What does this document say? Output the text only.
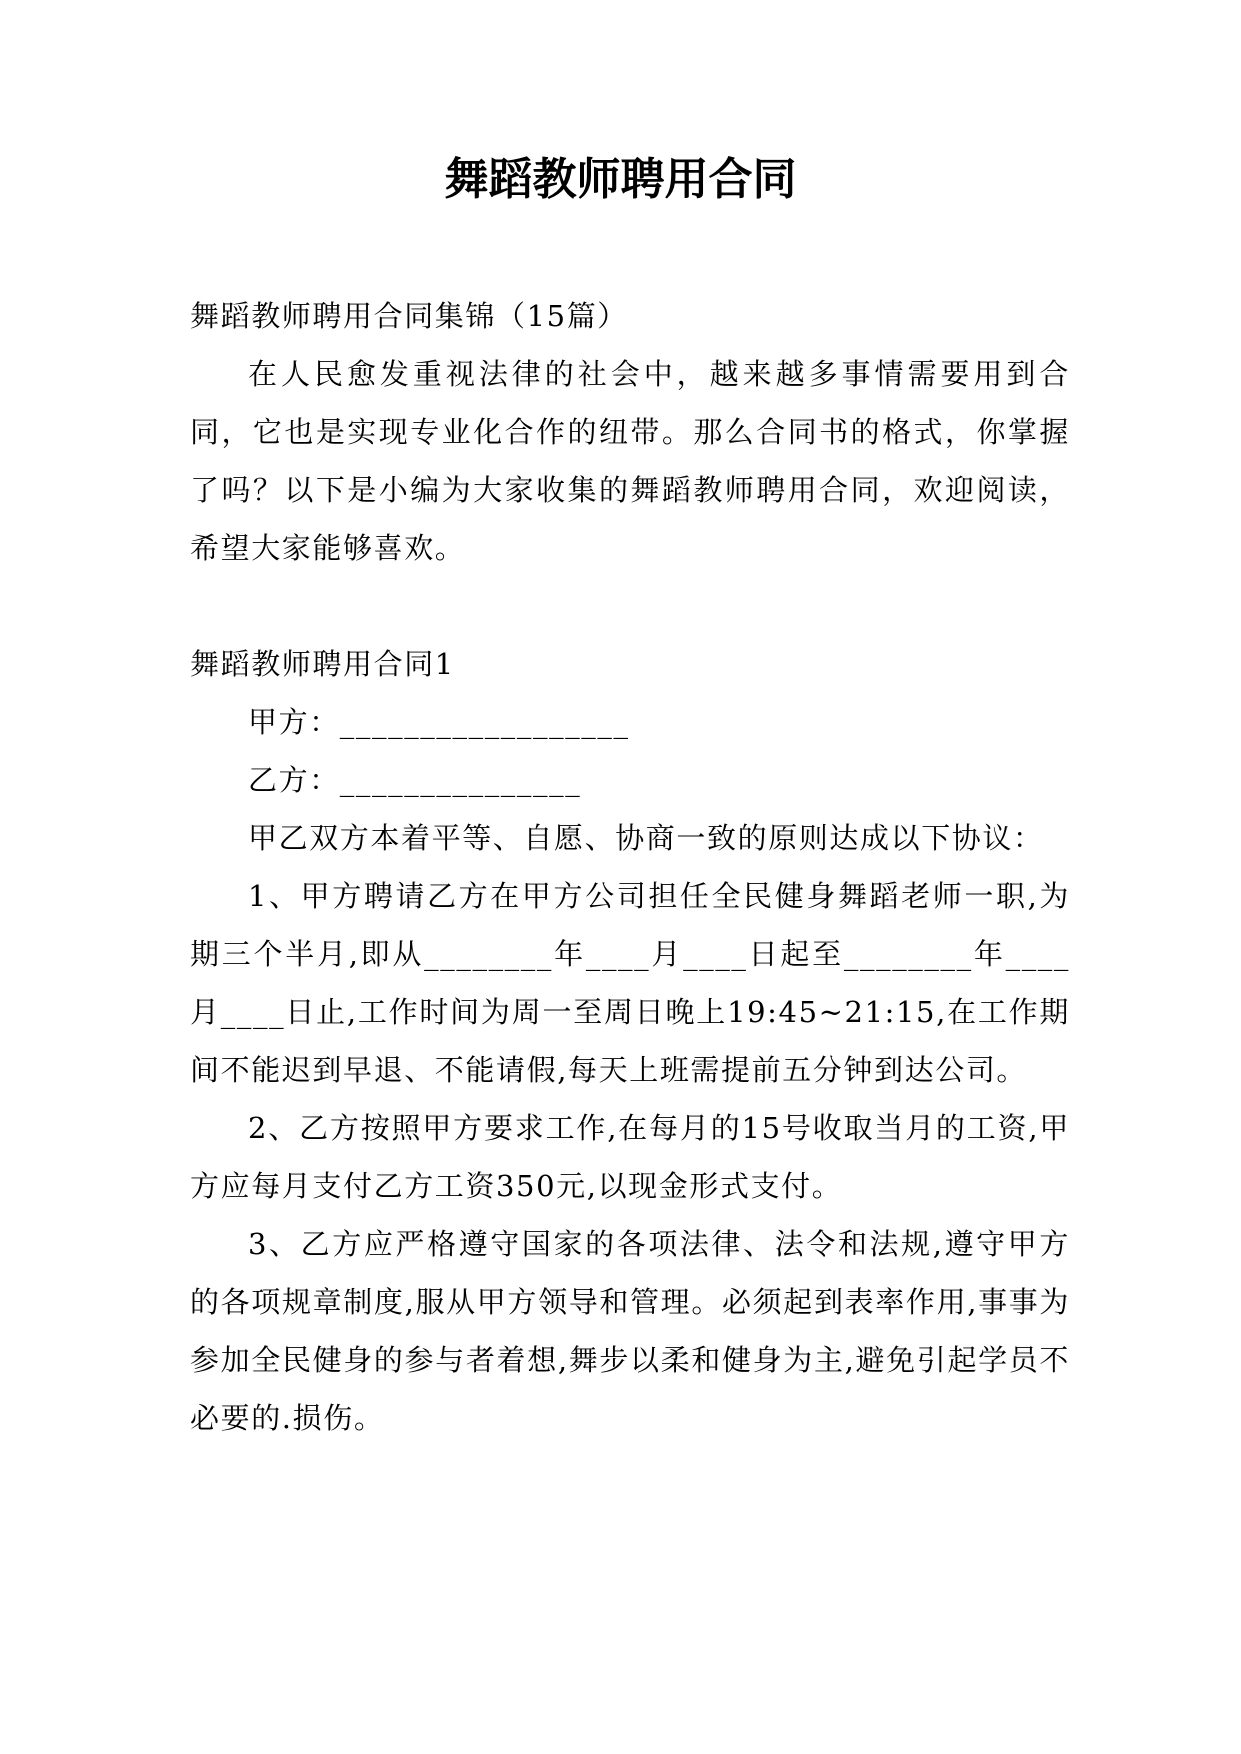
舞蹈教师聘用合同

舞蹈教师聘用合同集锦（15篇）

在人民愈发重视法律的社会中，越来越多事情需要用到合同，它也是实现专业化合作的纽带。那么合同书的格式，你掌握了吗？以下是小编为大家收集的舞蹈教师聘用合同，欢迎阅读，希望大家能够喜欢。

舞蹈教师聘用合同1

甲方：__________________

乙方：_______________

甲乙双方本着平等、自愿、协商一致的原则达成以下协议：

1、甲方聘请乙方在甲方公司担任全民健身舞蹈老师一职,为期三个半月,即从________年____月____日起至________年____月____日止,工作时间为周一至周日晚上19:45~21:15,在工作期间不能迟到早退、不能请假,每天上班需提前五分钟到达公司。

2、乙方按照甲方要求工作,在每月的15号收取当月的工资,甲方应每月支付乙方工资350元,以现金形式支付。

3、乙方应严格遵守国家的各项法律、法令和法规,遵守甲方的各项规章制度,服从甲方领导和管理。必须起到表率作用,事事为参加全民健身的参与者着想,舞步以柔和健身为主,避免引起学员不必要的.损伤。
